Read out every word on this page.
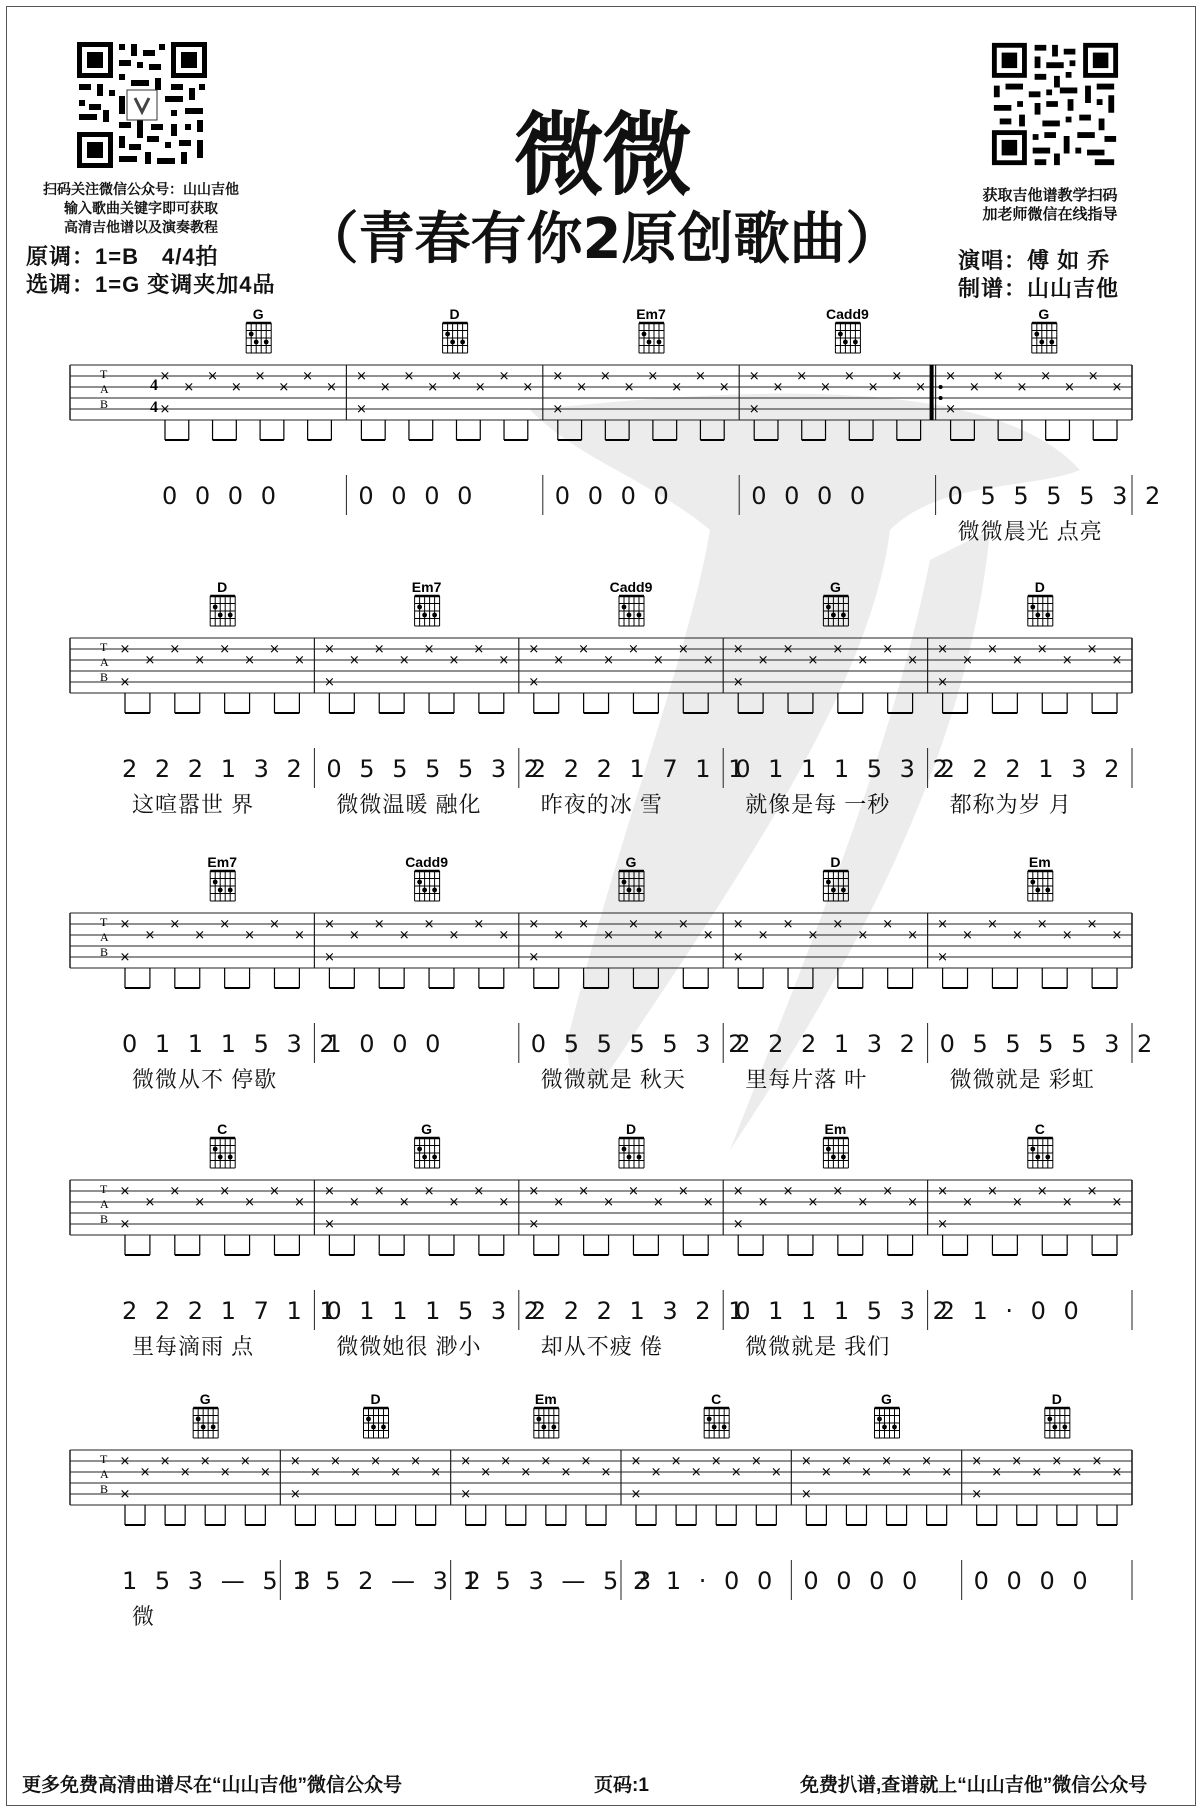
扫码关注微信公众号：山山吉他
输入歌曲关键字即可获取
高清吉他谱以及演奏教程
原调：1=B　4/4拍
选调：1=G 变调夹加4品
微微
（青春有你2原创歌曲）
获取吉他谱教学扫码
加老师微信在线指导
演唱：傅 如 乔
制谱：山山吉他
T
A
B
4
4
×
×
×
×
×
×
×
×
×
G
×
×
×
×
×
×
×
×
×
D
×
×
×
×
×
×
×
×
×
Em7
×
×
×
×
×
×
×
×
×
Cadd9
×
×
×
×
×
×
×
×
×
G
0 0 0 0	0 0 0 0	0 0 0 0	0 0 0 0	0 5 5 5 5 3 2
微微晨光 点亮
T
A
B
×
×
×
×
×
×
×
×
×
D
×
×
×
×
×
×
×
×
×
Em7
×
×
×
×
×
×
×
×
×
Cadd9
×
×
×
×
×
×
×
×
×
G
×
×
×
×
×
×
×
×
×
D
2 2 2 1 3 2
这喧嚣世 界
0 5 5 5 5 3 2
微微温暖 融化
2 2 2 1 7 1 1
昨夜的冰 雪
0 1 1 1 5 3 2
就像是每 一秒
2 2 2 1 3 2
都称为岁 月
T
A
B
×
×
×
×
×
×
×
×
×
Em7
×
×
×
×
×
×
×
×
×
Cadd9
×
×
×
×
×
×
×
×
×
G
×
×
×
×
×
×
×
×
×
D
×
×
×
×
×
×
×
×
×
Em
0 1 1 1 5 3 2
微微从不 停歇
1 0 0 0	0 5 5 5 5 3 2
微微就是 秋天
2 2 2 1 3 2
里每片落 叶
0 5 5 5 5 3 2
微微就是 彩虹
T
A
B
×
×
×
×
×
×
×
×
×
C
×
×
×
×
×
×
×
×
×
G
×
×
×
×
×
×
×
×
×
D
×
×
×
×
×
×
×
×
×
Em
×
×
×
×
×
×
×
×
×
C
2 2 2 1 7 1 1
里每滴雨 点
0 1 1 1 5 3 2
微微她很 渺小
2 2 2 1 3 2 1
却从不疲 倦
0 1 1 1 5 3 2
微微就是 我们
2 1 · 0 0
T
A
B
×
×
×
×
×
×
×
×
×
G
×
×
×
×
×
×
×
×
×
D
×
×
×
×
×
×
×
×
×
Em
×
×
×
×
×
×
×
×
×
C
×
×
×
×
×
×
×
×
×
G
×
×
×
×
×
×
×
×
×
D
1 5 3 — 5 3
微
1 5 2 — 3 2
1 5 3 — 5 3
2 1 · 0 0 0 0 0 0 0 0 0 0
更多免费高清曲谱尽在“山山吉他”微信公众号	页码:1	免费扒谱,查谱就上“山山吉他”微信公众号
